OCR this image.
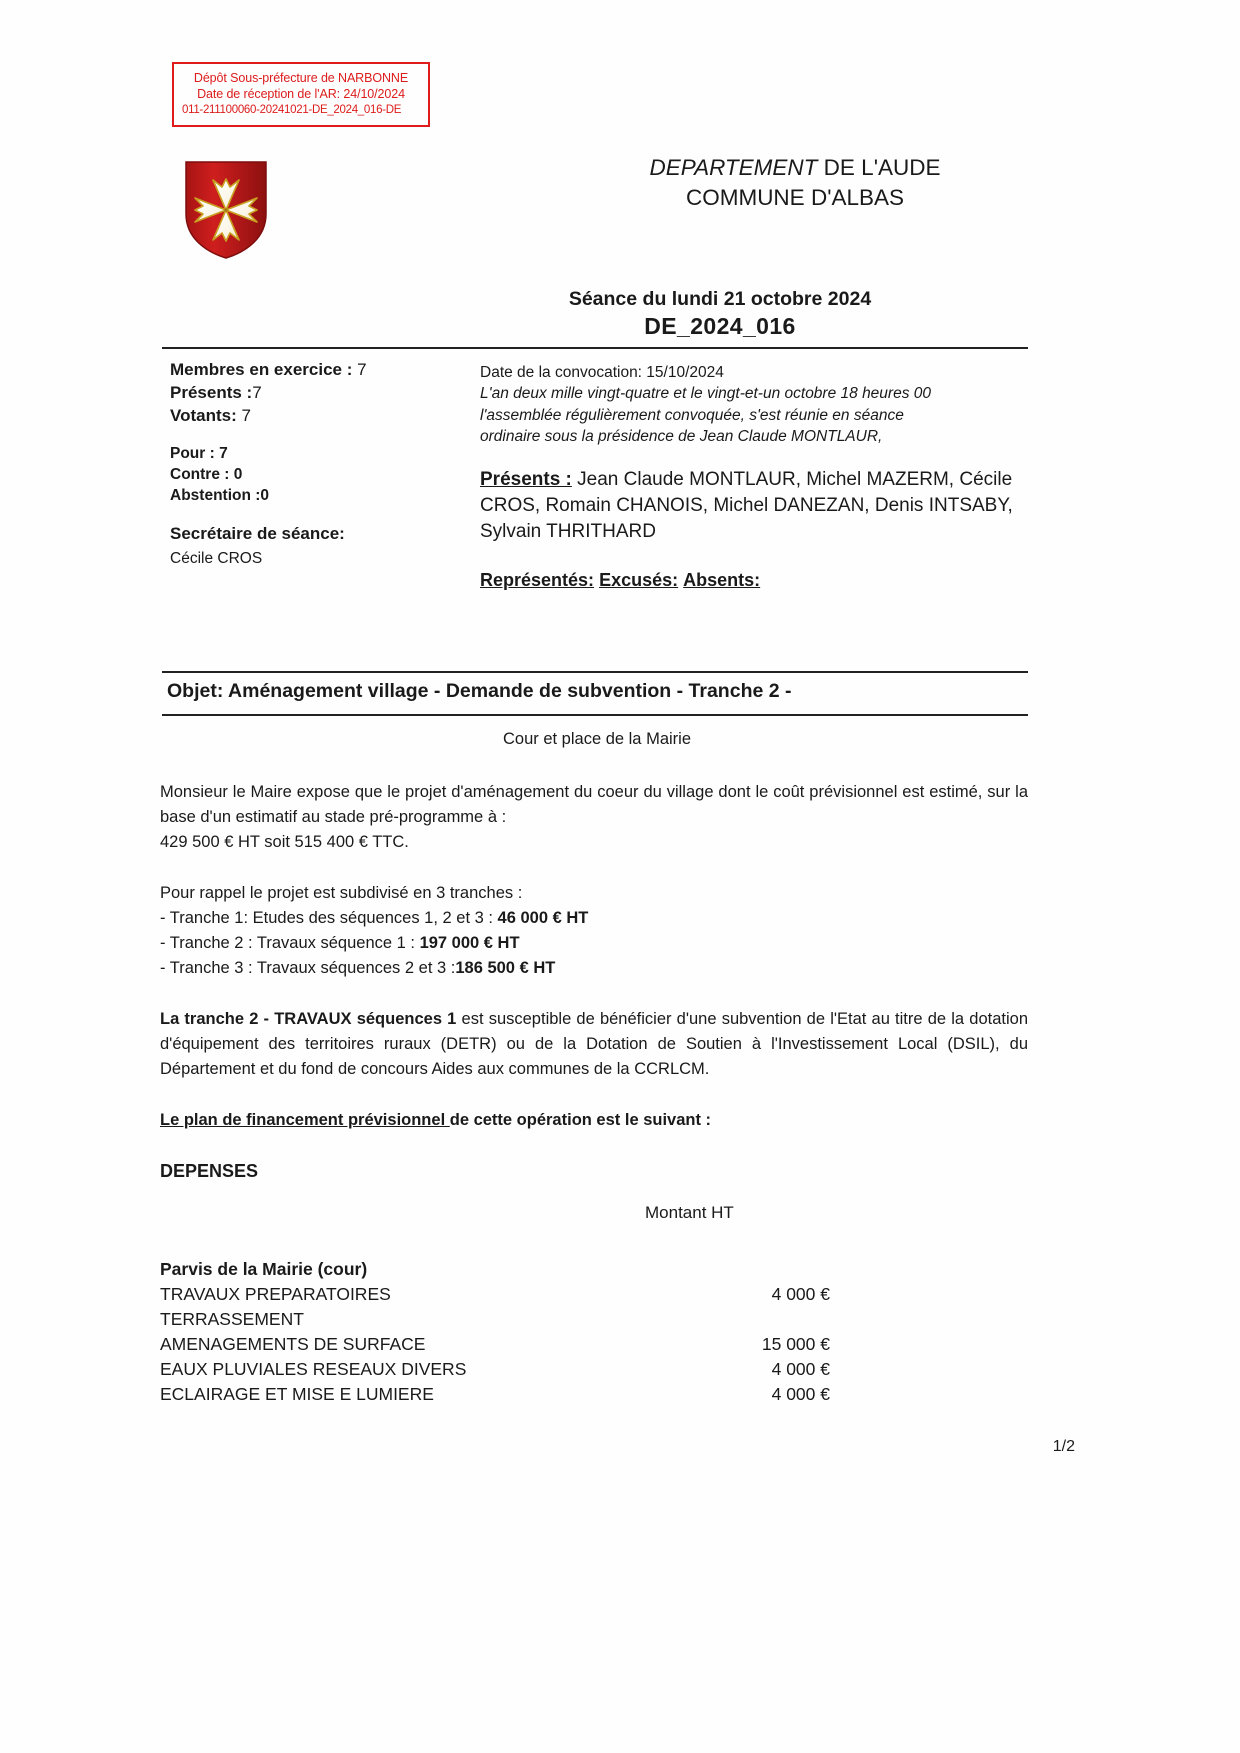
Dépôt Sous-préfecture de NARBONNE
Date de réception de l'AR: 24/10/2024
011-211100060-20241021-DE_2024_016-DE
DEPARTEMENT DE L'AUDE
COMMUNE D'ALBAS
Séance du lundi 21 octobre 2024
DE_2024_016
Membres en exercice : 7
Présents :7
Votants: 7
Pour : 7
Contre : 0
Abstention :0
Secrétaire de séance:
Cécile CROS
Date de la convocation: 15/10/2024
L'an deux mille vingt-quatre et le vingt-et-un octobre 18 heures 00
l'assemblée régulièrement convoquée, s'est réunie en séance
ordinaire sous la présidence de Jean Claude MONTLAUR,
Présents : Jean Claude MONTLAUR, Michel MAZERM, Cécile CROS, Romain CHANOIS, Michel DANEZAN, Denis INTSABY, Sylvain THRITHARD
Représentés: Excusés: Absents:
Objet: Aménagement village - Demande de subvention - Tranche 2 -
Cour et place de la Mairie
Monsieur le Maire expose que le projet d'aménagement du coeur du village dont le coût prévisionnel est estimé, sur la base d'un estimatif au stade pré-programme à :
429 500 € HT soit 515 400 € TTC.
Pour rappel le projet est subdivisé en 3 tranches :
- Tranche 1: Etudes des séquences 1, 2 et 3 : 46 000 € HT
- Tranche 2 : Travaux séquence 1 : 197 000 € HT
- Tranche 3 : Travaux séquences 2 et 3 :186 500 € HT
La tranche 2 - TRAVAUX séquences 1 est susceptible de bénéficier d'une subvention de l'Etat au titre de la dotation d'équipement des territoires ruraux (DETR) ou de la Dotation de Soutien à l'Investissement Local (DSIL), du Département et du fond de concours Aides aux communes de la CCRLCM.
Le plan de financement prévisionnel de cette opération est le suivant :
DEPENSES
Montant HT
Parvis de la Mairie (cour)
TRAVAUX PREPARATOIRES	4 000 €
TERRASSEMENT
AMENAGEMENTS DE SURFACE	15 000 €
EAUX PLUVIALES RESEAUX DIVERS	4 000 €
ECLAIRAGE ET MISE E LUMIERE	4 000 €
1/2
